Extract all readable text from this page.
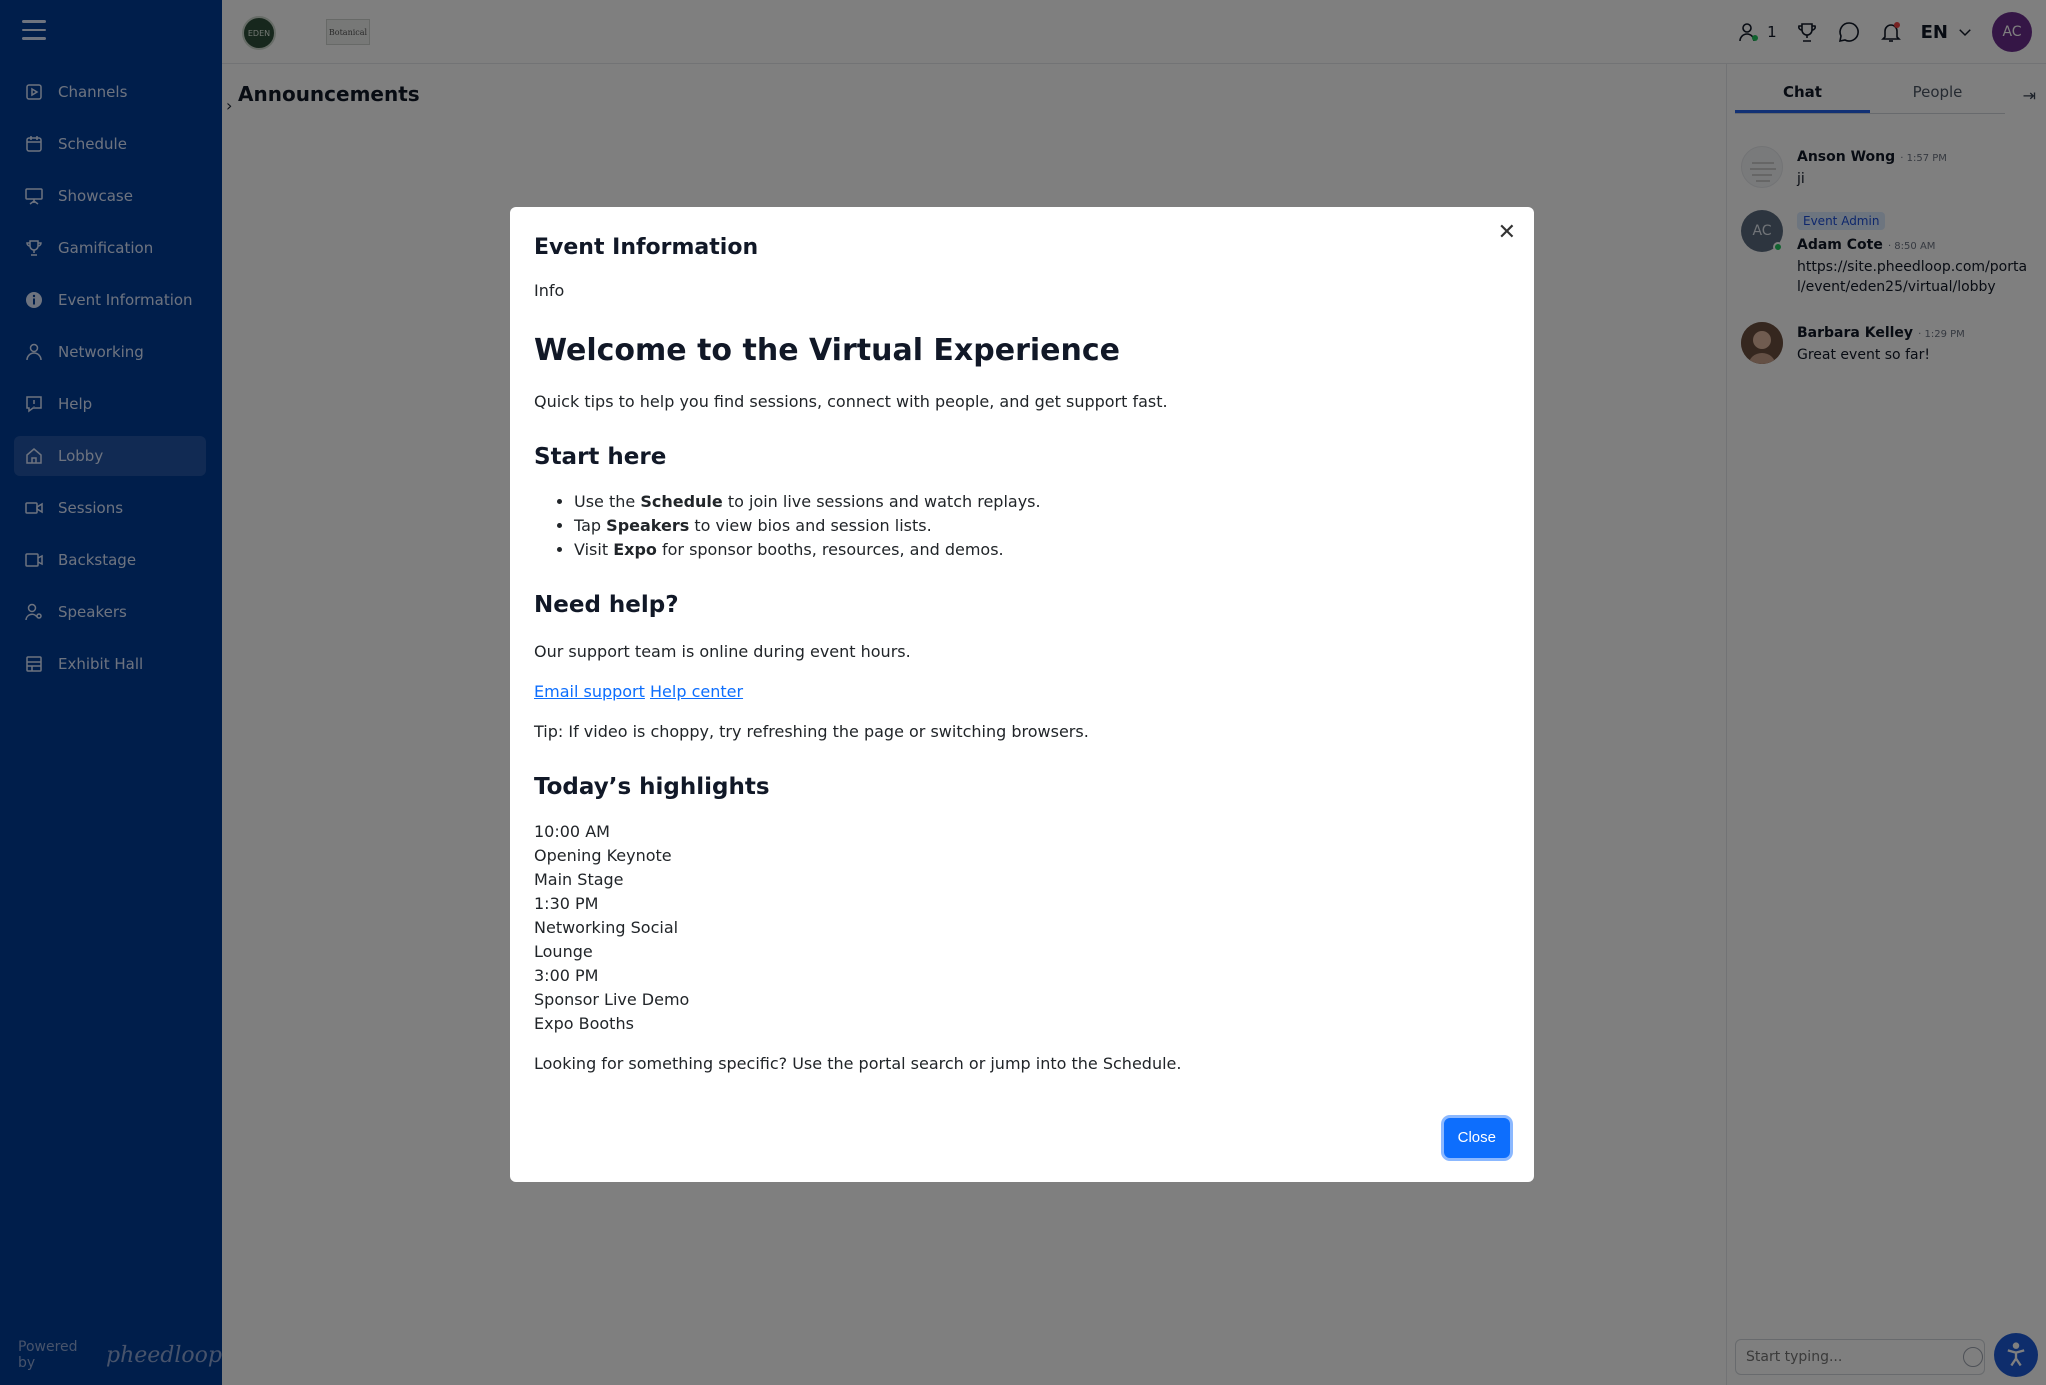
Start typing...
✕
Event Information

Info

Welcome to the Virtual Experience

Quick tips to help you find sessions, connect with people, and get support fast.

Start here
• Use the Schedule to join live sessions and watch replays.
• Tap Speakers to view bios and session lists.
• Visit Expo for sponsor booths, resources, and demos.
Need help?

Our support team is online during event hours.

Email support Help center

Tip: If video is choppy, try refreshing the page or switching browsers.

Today’s highlights
10:00 AM
Opening Keynote
Main Stage
1:30 PM
Networking Social
Lounge
3:00 PM
Sponsor Live Demo
Expo Booths

Looking for something specific? Use the portal search or jump into the Schedule.

Close
